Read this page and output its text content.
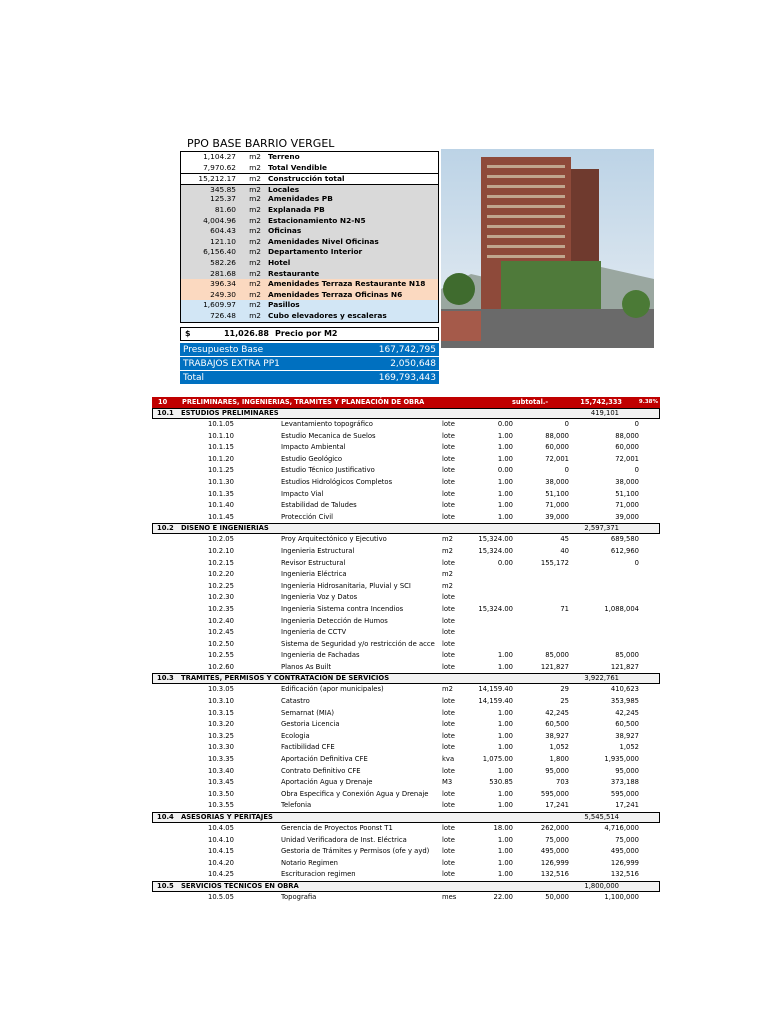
PPO BASE BARRIO VERGEL
1,104.27	m2 Terreno
7,970.62	m2 Total Vendible
15,212.17	m2 Construcción total
345.85	m2 Locales
125.37	m2 Amenidades PB
81.60	m2 Explanada PB
4,004.96	m2 Estacionamiento N2-N5
604.43	m2 Oficinas
121.10	m2 Amenidades Nivel Oficinas
6,156.40	m2 Departamento Interior
582.26	m2 Hotel
281.68	m2 Restaurante
396.34	m2 Amenidades Terraza Restaurante N18
249.30	m2 Amenidades Terraza Oficinas N6
1,609.97	m2 Pasillos
726.48	m2 Cubo elevadores y escaleras
$	11,026.88 Precio por M2
Presupuesto Base	167,742,795
TRABAJOS EXTRA PP1	2,050,648
Total	169,793,443
10	PRELIMINARES, INGENIERIAS, TRAMITES Y PLANEACIÓN DE OBRA	subtotal.-	15,742,333	9.38%
10.1	ESTUDIOS PRELIMINARES	419,101
10.1.05	Levantamiento topográfico	lote	0.00	0	0
10.1.10	Estudio Mecanica de Suelos	lote	1.00	88,000	88,000
10.1.15	Impacto Ambiental	lote	1.00	60,000	60,000
10.1.20	Estudio Geológico	lote	1.00	72,001	72,001
10.1.25	Estudio Técnico Justificativo	lote	0.00	0	0
10.1.30	Estudios Hidrológicos Completos	lote	1.00	38,000	38,000
10.1.35	Impacto Vial	lote	1.00	51,100	51,100
10.1.40	Estabilidad de Taludes	lote	1.00	71,000	71,000
10.1.45	Protección Civil	lote	1.00	39,000	39,000
10.2	DISEÑO E INGENIERIAS	2,597,371
10.2.05	Proy Arquitectónico y Ejecutivo	m2	15,324.00	45	689,580
10.2.10	Ingenieria Estructural	m2	15,324.00	40	612,960
10.2.15	Revisor Estructural	lote	0.00	155,172	0
10.2.20	Ingenieria Eléctrica	m2
10.2.25	Ingenieria Hidrosanitaria, Pluvial y SCI	m2
10.2.30	Ingenieria Voz y Datos	lote
10.2.35	Ingenieria Sistema contra Incendios	lote	15,324.00	71	1,088,004
10.2.40	Ingenieria Detección de Humos	lote
10.2.45	Ingenieria de CCTV	lote
10.2.50	Sistema de Seguridad y/o restricción de acce	lote
10.2.55	Ingenieria de Fachadas	lote	1.00	85,000	85,000
10.2.60	Planos As Built	lote	1.00	121,827	121,827
10.3	TRAMITES, PERMISOS Y CONTRATACIÓN DE SERVICIOS	3,922,761
10.3.05	Edificación (apor municipales)	m2	14,159.40	29	410,623
10.3.10	Catastro	lote	14,159.40	25	353,985
10.3.15	Semarnat (MIA)	lote	1.00	42,245	42,245
10.3.20	Gestoria Licencia	lote	1.00	60,500	60,500
10.3.25	Ecologia	lote	1.00	38,927	38,927
10.3.30	Factibilidad CFE	lote	1.00	1,052	1,052
10.3.35	Aportación Definitiva CFE	kva	1,075.00	1,800	1,935,000
10.3.40	Contrato Definitivo CFE	lote	1.00	95,000	95,000
10.3.45	Aportación Agua y Drenaje	M3	530.85	703	373,188
10.3.50	Obra Especifica y Conexión Agua y Drenaje	lote	1.00	595,000	595,000
10.3.55	Telefonia	lote	1.00	17,241	17,241
10.4	ASESORIAS Y PERITAJES	5,545,514
10.4.05	Gerencia de Proyectos Poonst T1	lote	18.00	262,000	4,716,000
10.4.10	Unidad Verificadora de Inst. Eléctrica	lote	1.00	75,000	75,000
10.4.15	Gestoria de Trámites y Permisos (ofe y ayd)	lote	1.00	495,000	495,000
10.4.20	Notario Regimen	lote	1.00	126,999	126,999
10.4.25	Escrituracion regimen	lote	1.00	132,516	132,516
10.5	SERVICIOS TÉCNICOS EN OBRA	1,800,000
10.5.05	Topografia	mes	22.00	50,000	1,100,000
